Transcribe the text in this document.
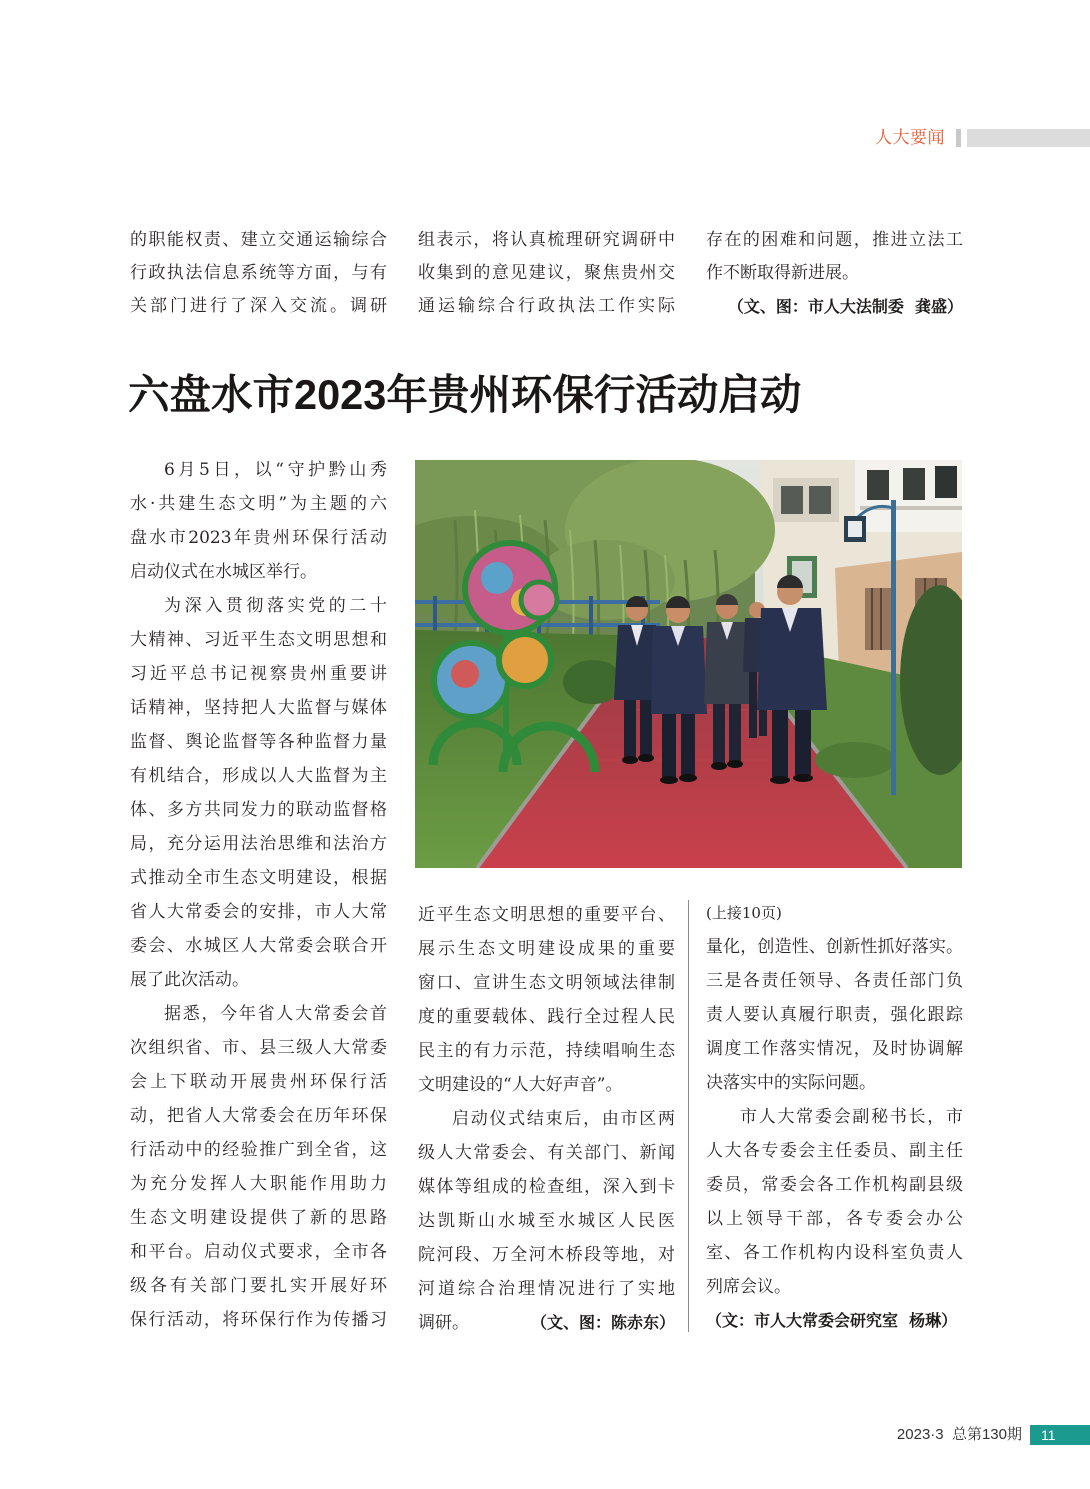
人大要闻
的职能权责、建立交通运输综合
行政执法信息系统等方面，与有
关部门进行了深入交流。调研
组表示，将认真梳理研究调研中
收集到的意见建议，聚焦贵州交
通运输综合行政执法工作实际
存在的困难和问题，推进立法工
作不断取得新进展。
（文、图：市人大法制委  龚盛）
六盘水市2023年贵州环保行活动启动
6月5日，以“守护黔山秀
水·共建生态文明”为主题的六
盘水市2023年贵州环保行活动
启动仪式在水城区举行。
为深入贯彻落实党的二十
大精神、习近平生态文明思想和
习近平总书记视察贵州重要讲
话精神，坚持把人大监督与媒体
监督、舆论监督等各种监督力量
有机结合，形成以人大监督为主
体、多方共同发力的联动监督格
局，充分运用法治思维和法治方
式推动全市生态文明建设，根据
省人大常委会的安排，市人大常
委会、水城区人大常委会联合开
展了此次活动。
据悉，今年省人大常委会首
次组织省、市、县三级人大常委
会上下联动开展贵州环保行活
动，把省人大常委会在历年环保
行活动中的经验推广到全省，这
为充分发挥人大职能作用助力
生态文明建设提供了新的思路
和平台。启动仪式要求，全市各
级各有关部门要扎实开展好环
保行活动，将环保行作为传播习
近平生态文明思想的重要平台、
展示生态文明建设成果的重要
窗口、宣讲生态文明领域法律制
度的重要载体、践行全过程人民
民主的有力示范，持续唱响生态
文明建设的“人大好声音”。
启动仪式结束后，由市区两
级人大常委会、有关部门、新闻
媒体等组成的检查组，深入到卡
达凯斯山水城至水城区人民医
院河段、万全河木桥段等地，对
河道综合治理情况进行了实地
调研。	（文、图：陈赤东）
(上接10页)
量化，创造性、创新性抓好落实。
三是各责任领导、各责任部门负
责人要认真履行职责，强化跟踪
调度工作落实情况，及时协调解
决落实中的实际问题。
市人大常委会副秘书长，市
人大各专委会主任委员、副主任
委员，常委会各工作机构副县级
以上领导干部，各专委会办公
室、各工作机构内设科室负责人
列席会议。
（文：市人大常委会研究室  杨琳）
2023·3  总第130期	11
